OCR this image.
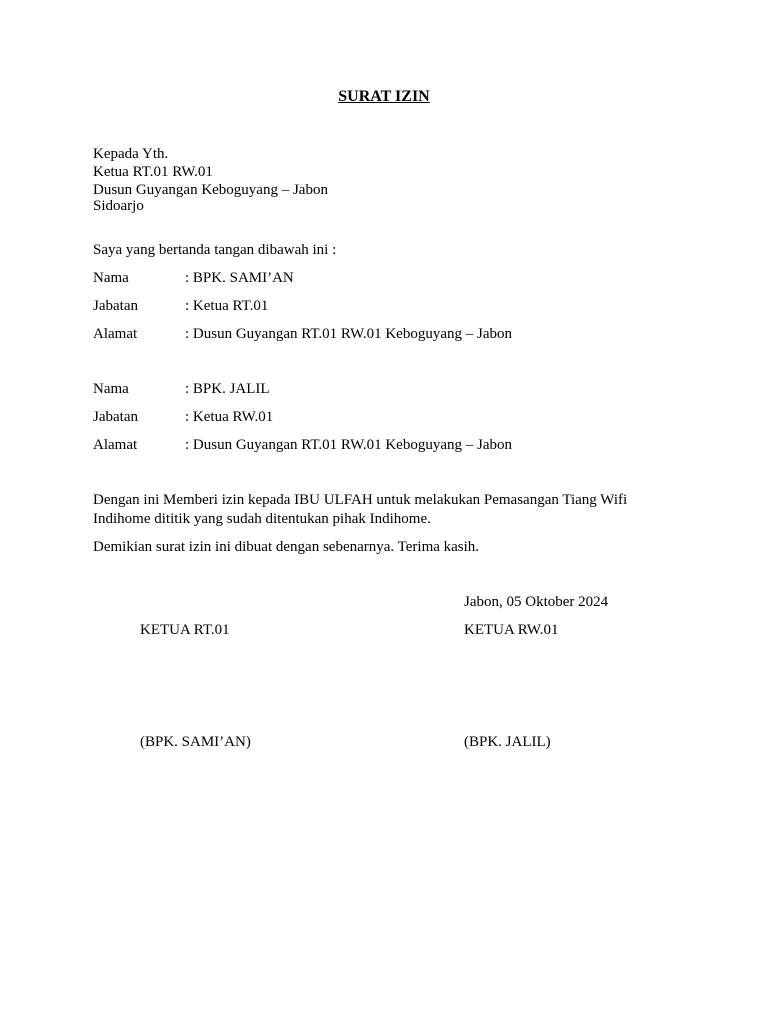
SURAT IZIN
Kepada Yth.
Ketua RT.01 RW.01
Dusun Guyangan Keboguyang – Jabon
Sidoarjo
Saya yang bertanda tangan dibawah ini :
Nama	: BPK. SAMI’AN
Jabatan	: Ketua RT.01
Alamat	: Dusun Guyangan RT.01 RW.01 Keboguyang – Jabon
Nama	: BPK. JALIL
Jabatan	: Ketua RW.01
Alamat	: Dusun Guyangan RT.01 RW.01 Keboguyang – Jabon
Dengan ini Memberi izin kepada IBU ULFAH untuk melakukan Pemasangan Tiang Wifi Indihome dititik yang sudah ditentukan pihak Indihome.
Demikian surat izin ini dibuat dengan sebenarnya. Terima kasih.
Jabon, 05 Oktober 2024
KETUA RT.01	KETUA RW.01
(BPK. SAMI’AN)	(BPK. JALIL)
